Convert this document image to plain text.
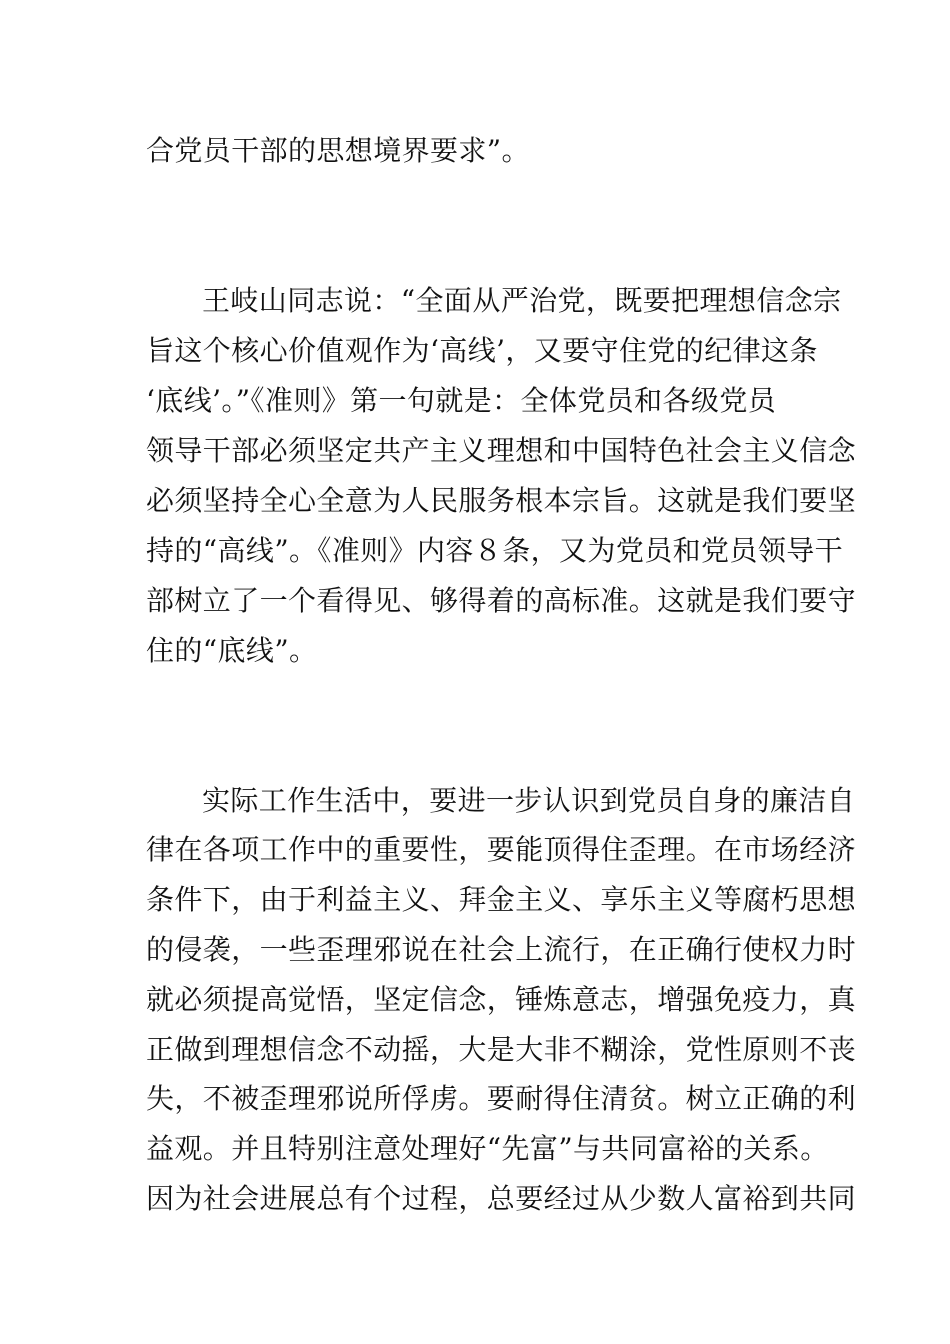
合党员干部的思想境界要求”。
王岐山同志说：“全面从严治党，既要把理想信念宗
旨这个核心价值观作为‘高线’，又要守住党的纪律这条
‘底线’。”《准则》第一句就是：全体党员和各级党员
领导干部必须坚定共产主义理想和中国特色社会主义信念
必须坚持全心全意为人民服务根本宗旨。这就是我们要坚
持的“高线”。《准则》内容８条，又为党员和党员领导干
部树立了一个看得见、够得着的高标准。这就是我们要守
住的“底线”。
实际工作生活中，要进一步认识到党员自身的廉洁自
律在各项工作中的重要性，要能顶得住歪理。在市场经济
条件下，由于利益主义、拜金主义、享乐主义等腐朽思想
的侵袭，一些歪理邪说在社会上流行，在正确行使权力时
就必须提高觉悟，坚定信念，锤炼意志，增强免疫力，真
正做到理想信念不动摇，大是大非不糊涂，党性原则不丧
失，不被歪理邪说所俘虏。要耐得住清贫。树立正确的利
益观。并且特别注意处理好“先富”与共同富裕的关系。
因为社会进展总有个过程，总要经过从少数人富裕到共同
